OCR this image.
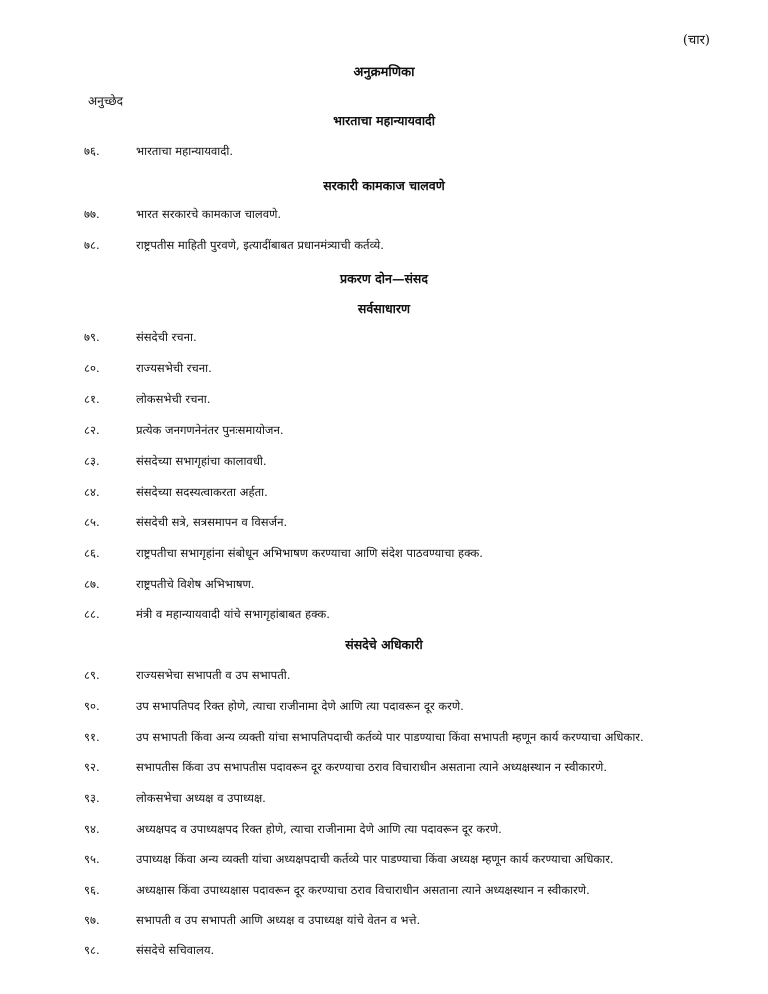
(चार)
अनुक्रमणिका
अनुच्छेद
भारताचा महान्यायवादी
७६.	भारताचा महान्यायवादी.
सरकारी कामकाज चालवणे
७७.	भारत सरकारचे कामकाज चालवणे.
७८.	राष्ट्रपतीस माहिती पुरवणे, इत्यादींबाबत प्रधानमंत्र्याची कर्तव्ये.
प्रकरण दोन—संसद
सर्वसाधारण
७९.	संसदेची रचना.
८०.	राज्यसभेची रचना.
८१.	लोकसभेची रचना.
८२.	प्रत्येक जनगणनेनंतर पुनःसमायोजन.
८३.	संसदेच्या सभागृहांचा कालावधी.
८४.	संसदेच्या सदस्यत्वाकरता अर्हता.
८५.	संसदेची सत्रे, सत्रसमापन व विसर्जन.
८६.	राष्ट्रपतीचा सभागृहांना संबोधून अभिभाषण करण्याचा आणि संदेश पाठवण्याचा हक्क.
८७.	राष्ट्रपतीचे विशेष अभिभाषण.
८८.	मंत्री व महान्यायवादी यांचे सभागृहांबाबत हक्क.
संसदेचे अधिकारी
८९.	राज्यसभेचा सभापती व उप सभापती.
९०.	उप सभापतिपद रिक्त होणे, त्याचा राजीनामा देणे आणि त्या पदावरून दूर करणे.
९१.	उप सभापती किंवा अन्य व्यक्ती यांचा सभापतिपदाची कर्तव्ये पार पाडण्याचा किंवा सभापती म्हणून कार्य करण्याचा अधिकार.
९२.	सभापतीस किंवा उप सभापतीस पदावरून दूर करण्याचा ठराव विचाराधीन असताना त्याने अध्यक्षस्थान न स्वीकारणे.
९३.	लोकसभेचा अध्यक्ष व उपाध्यक्ष.
९४.	अध्यक्षपद व उपाध्यक्षपद रिक्त होणे, त्याचा राजीनामा देणे आणि त्या पदावरून दूर करणे.
९५.	उपाध्यक्ष किंवा अन्य व्यक्ती यांचा अध्यक्षपदाची कर्तव्ये पार पाडण्याचा किंवा अध्यक्ष म्हणून कार्य करण्याचा अधिकार.
९६.	अध्यक्षास किंवा उपाध्यक्षास पदावरून दूर करण्याचा ठराव विचाराधीन असताना त्याने अध्यक्षस्थान न स्वीकारणे.
९७.	सभापती व उप सभापती आणि अध्यक्ष व उपाध्यक्ष यांचे वेतन व भत्ते.
९८.	संसदेचे सचिवालय.
